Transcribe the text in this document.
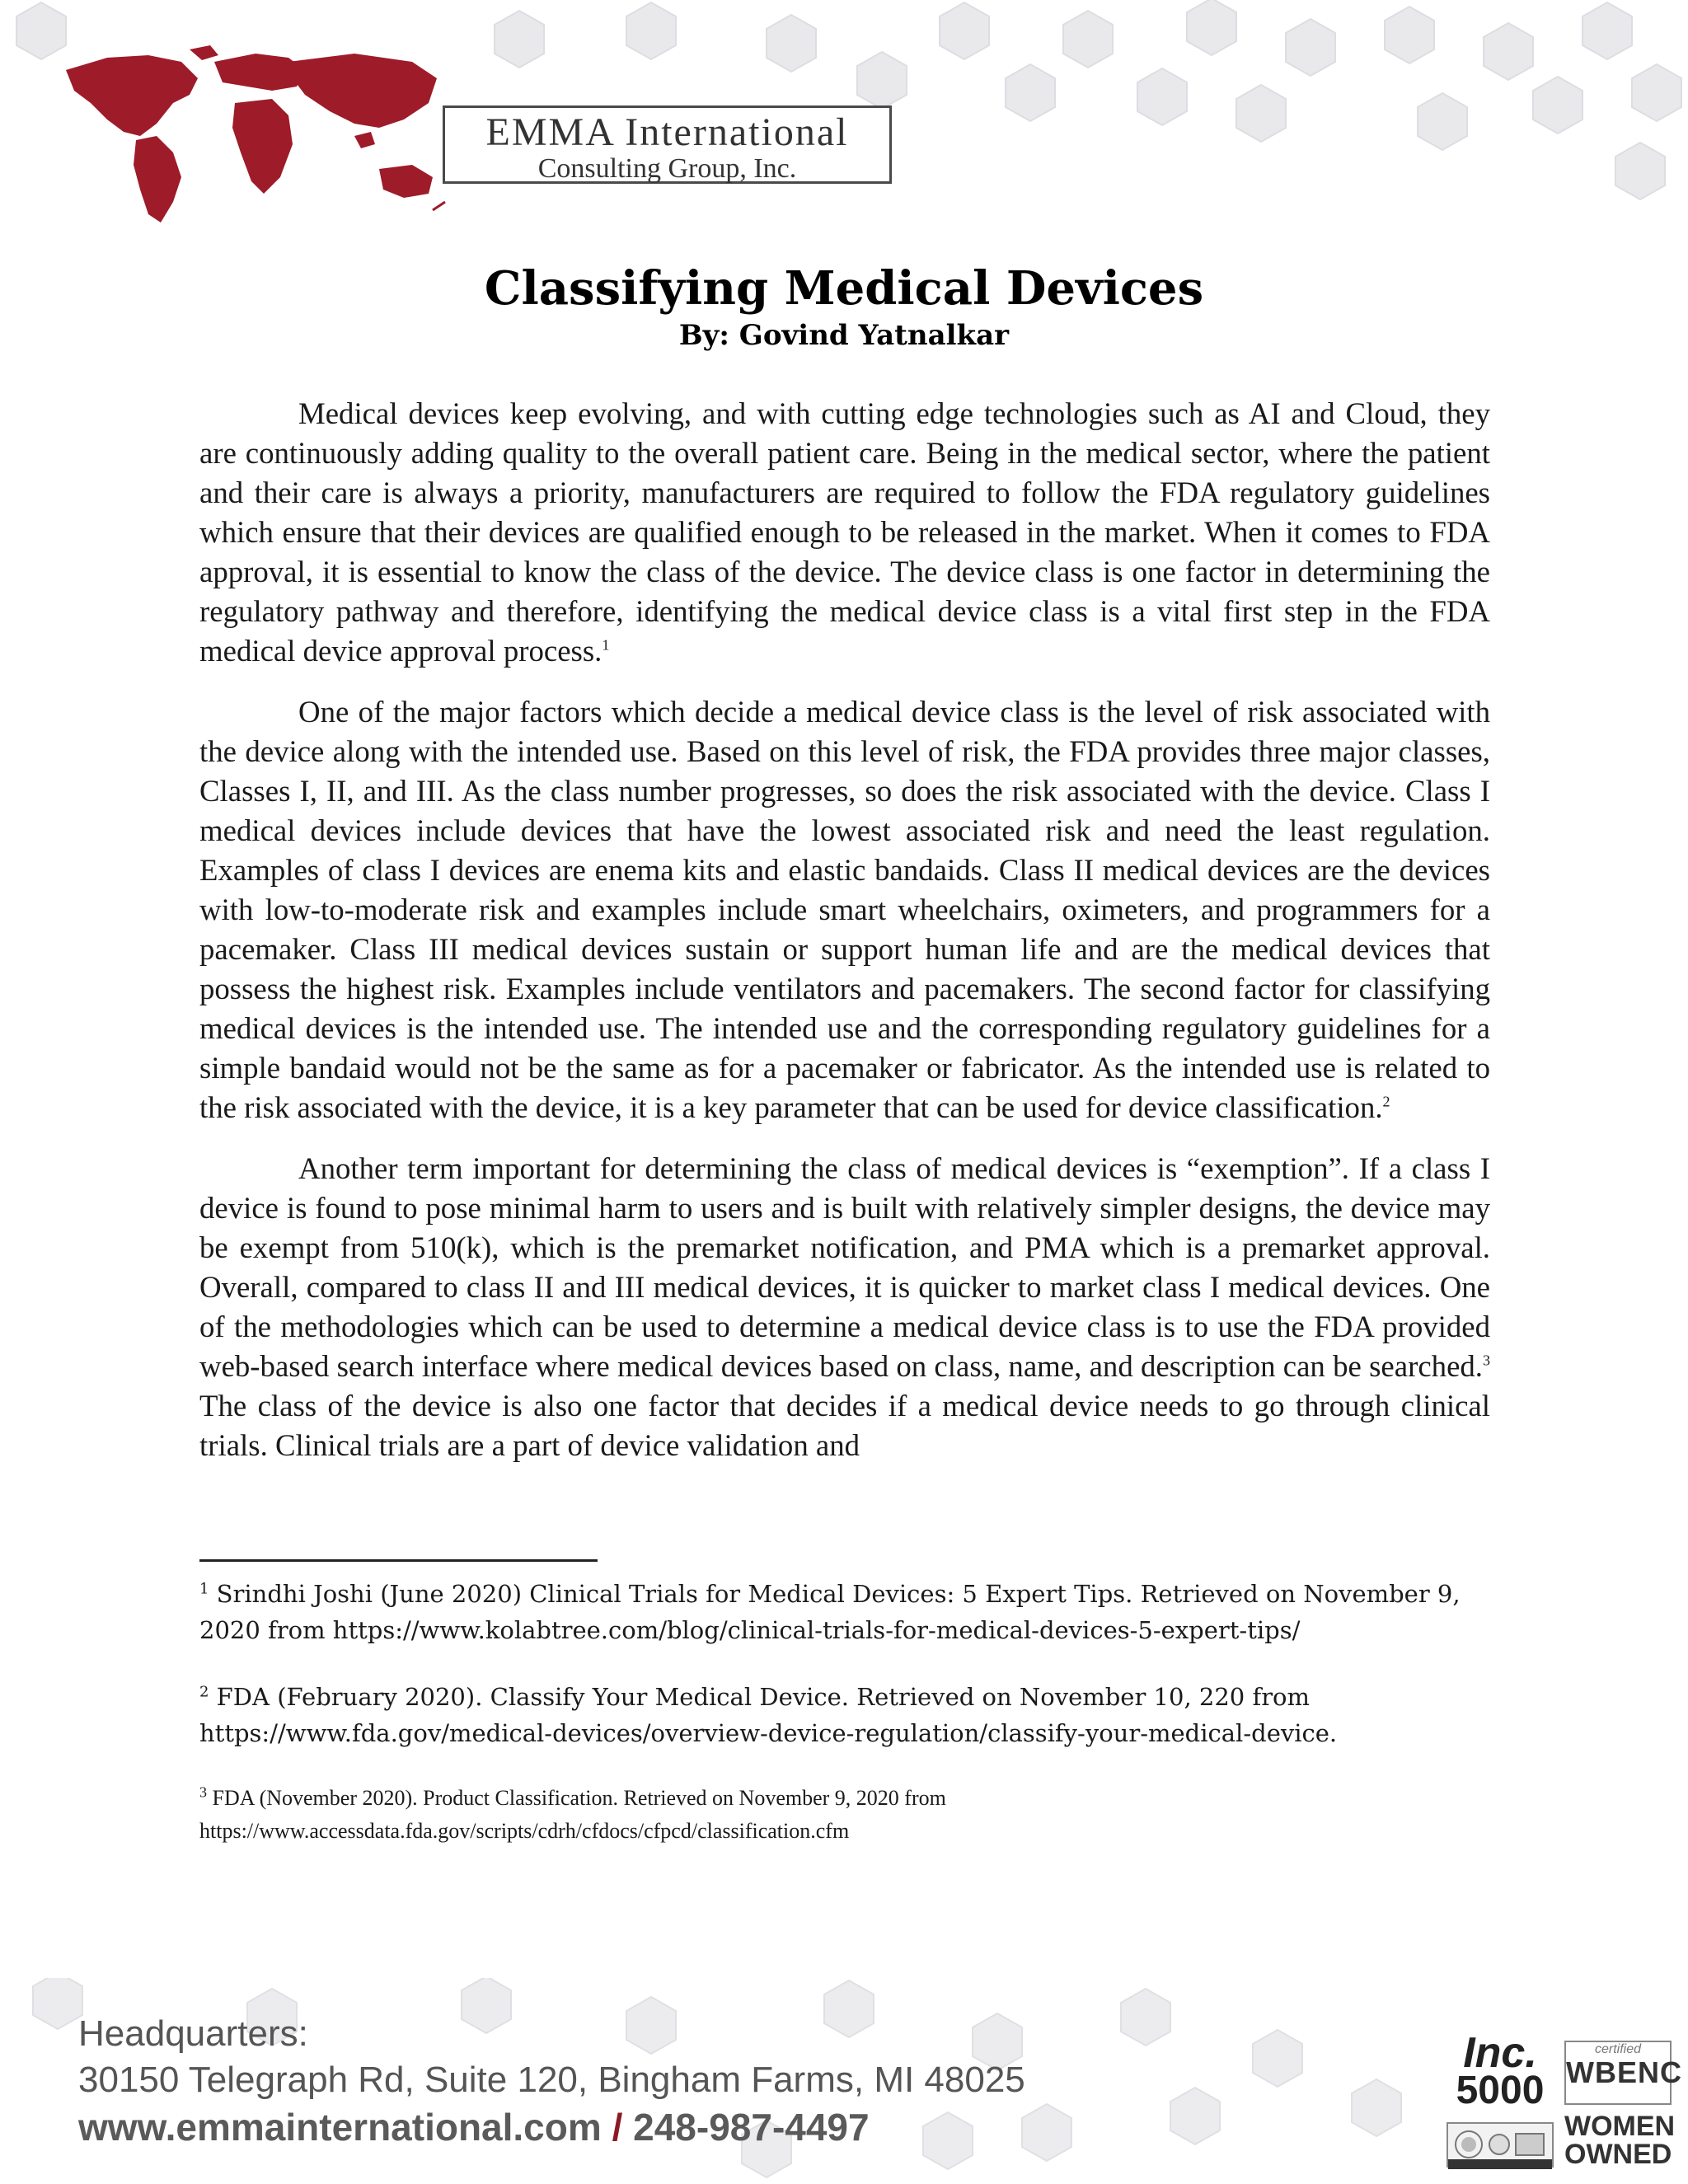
EMMA International
Consulting Group, Inc.
Classifying Medical Devices
By: Govind Yatnalkar

Medical devices keep evolving, and with cutting edge technologies such as AI and Cloud, they are continuously adding quality to the overall patient care. Being in the medical sector, where the patient and their care is always a priority, manufacturers are required to follow the FDA regulatory guidelines which ensure that their devices are qualified enough to be released in the market. When it comes to FDA approval, it is essential to know the class of the device. The device class is one factor in determining the regulatory pathway and therefore, identifying the medical device class is a vital first step in the FDA medical device approval process.$^1$

One of the major factors which decide a medical device class is the level of risk associated with the device along with the intended use. Based on this level of risk, the FDA provides three major classes, Classes I, II, and III. As the class number progresses, so does the risk associated with the device. Class I medical devices include devices that have the lowest associated risk and need the least regulation. Examples of class I devices are enema kits and elastic bandaids. Class II medical devices are the devices with low-to-moderate risk and examples include smart wheelchairs, oximeters, and programmers for a pacemaker. Class III medical devices sustain or support human life and are the medical devices that possess the highest risk. Examples include ventilators and pacemakers. The second factor for classifying medical devices is the intended use. The intended use and the corresponding regulatory guidelines for a simple bandaid would not be the same as for a pacemaker or fabricator. As the intended use is related to the risk associated with the device, it is a key parameter that can be used for device classification.$^2$

Another term important for determining the class of medical devices is “exemption”. If a class I device is found to pose minimal harm to users and is built with relatively simpler designs, the device may be exempt from 510(k), which is the premarket notification, and PMA which is a premarket approval. Overall, compared to class II and III medical devices, it is quicker to market class I medical devices. One of the methodologies which can be used to determine a medical device class is to use the FDA provided web-based search interface where medical devices based on class, name, and description can be searched.$^3$ The class of the device is also one factor that decides if a medical device needs to go through clinical trials. Clinical trials are a part of device validation and

$^1$ Srindhi Joshi (June 2020) Clinical Trials for Medical Devices: 5 Expert Tips. Retrieved on November 9, 2020 from https://www.kolabtree.com/blog/clinical-trials-for-medical-devices-5-expert-tips/
$^2$ FDA (February 2020). Classify Your Medical Device. Retrieved on November 10, 220 from https://www.fda.gov/medical-devices/overview-device-regulation/classify-your-medical-device.
$^3$ FDA (November 2020). Product Classification. Retrieved on November 9, 2020 from https://www.accessdata.fda.gov/scripts/cdrh/cfdocs/cfpcd/classification.cfm
Headquarters:
30150 Telegraph Rd, Suite 120, Bingham Farms, MI 48025
www.emmainternational.com / 248-987-4497
Inc.
5000
certified
WBENC
WOMEN
OWNED
